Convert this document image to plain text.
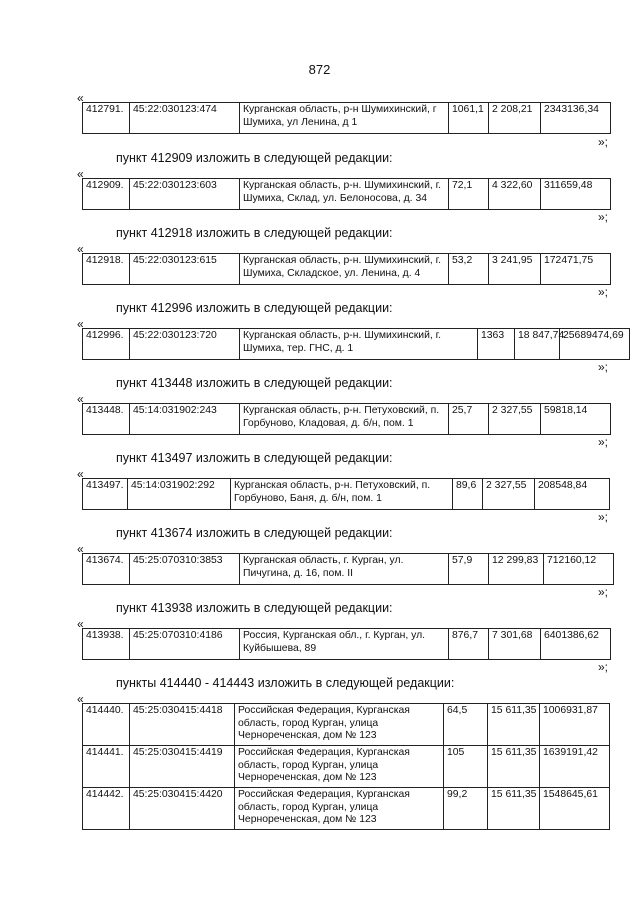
872
«
412791.	45:22:030123:474	Курганская область, р-н Шумихинский, г Шумиха, ул Ленина, д 1	1061,1	2 208,21	2343136,34
»;
пункт 412909 изложить в следующей редакции:
«
412909.	45:22:030123:603	Курганская область, р-н. Шумихинский, г. Шумиха, Склад, ул. Белоносова, д. 34	72,1	4 322,60	311659,48
»;
пункт 412918 изложить в следующей редакции:
«
412918.	45:22:030123:615	Курганская область, р-н. Шумихинский, г. Шумиха, Складское, ул. Ленина, д. 4	53,2	3 241,95	172471,75
»;
пункт 412996 изложить в следующей редакции:
«
412996.	45:22:030123:720	Курганская область, р-н. Шумихинский, г. Шумиха, тер. ГНС, д. 1	1363	18 847,74	25689474,69
»;
пункт 413448 изложить в следующей редакции:
«
413448.	45:14:031902:243	Курганская область, р-н. Петуховский, п. Горбуново, Кладовая, д. б/н, пом. 1	25,7	2 327,55	59818,14
»;
пункт 413497 изложить в следующей редакции:
«
413497.	45:14:031902:292	Курганская область, р-н. Петуховский, п. Горбуново, Баня, д. б/н, пом. 1	89,6	2 327,55	208548,84
»;
пункт 413674 изложить в следующей редакции:
«
413674.	45:25:070310:3853	Курганская область, г. Курган, ул. Пичугина, д. 16, пом. II	57,9	12 299,83	712160,12
»;
пункт 413938 изложить в следующей редакции:
«
413938.	45:25:070310:4186	Россия, Курганская обл., г. Курган, ул. Куйбышева, 89	876,7	7 301,68	6401386,62
»;
пункты 414440 - 414443 изложить в следующей редакции:
«
414440.	45:25:030415:4418	Российская Федерация, Курганская область, город Курган, улица Чернореченская, дом № 123	64,5	15 611,35	1006931,87
414441.	45:25:030415:4419	Российская Федерация, Курганская область, город Курган, улица Чернореченская, дом № 123	105	15 611,35	1639191,42
414442.	45:25:030415:4420	Российская Федерация, Курганская область, город Курган, улица Чернореченская, дом № 123	99,2	15 611,35	1548645,61
